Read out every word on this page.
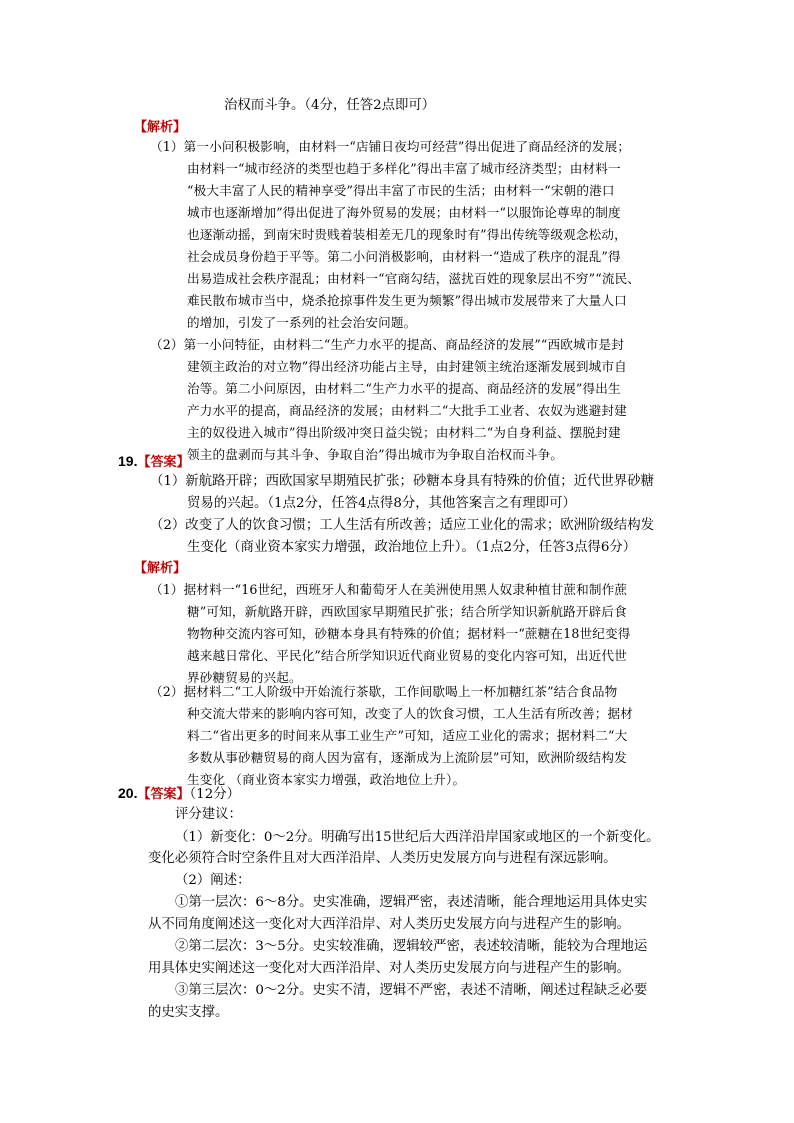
治权而斗争。（4分，任答2点即可）
【解析】
（1）第一小问积极影响，由材料一“店铺日夜均可经营”得出促进了商品经济的发展；
由材料一“城市经济的类型也趋于多样化”得出丰富了城市经济类型；由材料一
“极大丰富了人民的精神享受”得出丰富了市民的生活；由材料一“宋朝的港口
城市也逐渐增加”得出促进了海外贸易的发展；由材料一“以服饰论尊卑的制度
也逐渐动摇，到南宋时贵贱着装相差无几的现象时有”得出传统等级观念松动，
社会成员身份趋于平等。第二小问消极影响，由材料一“造成了秩序的混乱”得
出易造成社会秩序混乱；由材料一“官商勾结，滋扰百姓的现象层出不穷”“流民、
难民散布城市当中，烧杀抢掠事件发生更为频繁”得出城市发展带来了大量人口
的增加，引发了一系列的社会治安问题。
（2）第一小问特征，由材料二“生产力水平的提高、商品经济的发展”“西欧城市是封
建领主政治的对立物”得出经济功能占主导，由封建领主统治逐渐发展到城市自
治等。第二小问原因，由材料二“生产力水平的提高、商品经济的发展”得出生
产力水平的提高，商品经济的发展；由材料二“大批手工业者、农奴为逃避封建
主的奴役进入城市”得出阶级冲突日益尖锐；由材料二“为自身利益、摆脱封建
领主的盘剥而与其斗争、争取自治”得出城市为争取自治权而斗争。
19.【答案】
（1）新航路开辟；西欧国家早期殖民扩张；砂糖本身具有特殊的价值；近代世界砂糖
贸易的兴起。（1点2分，任答4点得8分，其他答案言之有理即可）
（2）改变了人的饮食习惯；工人生活有所改善；适应工业化的需求；欧洲阶级结构发
生变化（商业资本家实力增强，政治地位上升）。（1点2分，任答3点得6分）
【解析】
（1）据材料一“16世纪，西班牙人和葡萄牙人在美洲使用黑人奴隶种植甘蔗和制作蔗
糖”可知，新航路开辟，西欧国家早期殖民扩张；结合所学知识新航路开辟后食
物物种交流内容可知，砂糖本身具有特殊的价值；据材料一“蔗糖在18世纪变得
越来越日常化、平民化”结合所学知识近代商业贸易的变化内容可知，出近代世
界砂糖贸易的兴起。
（2）据材料二“工人阶级中开始流行茶歇，工作间歇喝上一杯加糖红茶”结合食品物
种交流大带来的影响内容可知，改变了人的饮食习惯，工人生活有所改善；据材
料二“省出更多的时间来从事工业生产”可知，适应工业化的需求；据材料二“大
多数从事砂糖贸易的商人因为富有，逐渐成为上流阶层”可知，欧洲阶级结构发
生变化 （商业资本家实力增强，政治地位上升）。
20.【答案】（12分）
评分建议：
（1）新变化：0～2分。明确写出15世纪后大西洋沿岸国家或地区的一个新变化。
变化必须符合时空条件且对大西洋沿岸、人类历史发展方向与进程有深远影响。
（2）阐述：
①第一层次：6～8分。史实准确，逻辑严密，表述清晰，能合理地运用具体史实
从不同角度阐述这一变化对大西洋沿岸、对人类历史发展方向与进程产生的影响。
②第二层次：3～5分。史实较准确，逻辑较严密，表述较清晰，能较为合理地运
用具体史实阐述这一变化对大西洋沿岸、对人类历史发展方向与进程产生的影响。
③第三层次：0～2分。史实不清，逻辑不严密，表述不清晰，阐述过程缺乏必要
的史实支撑。
